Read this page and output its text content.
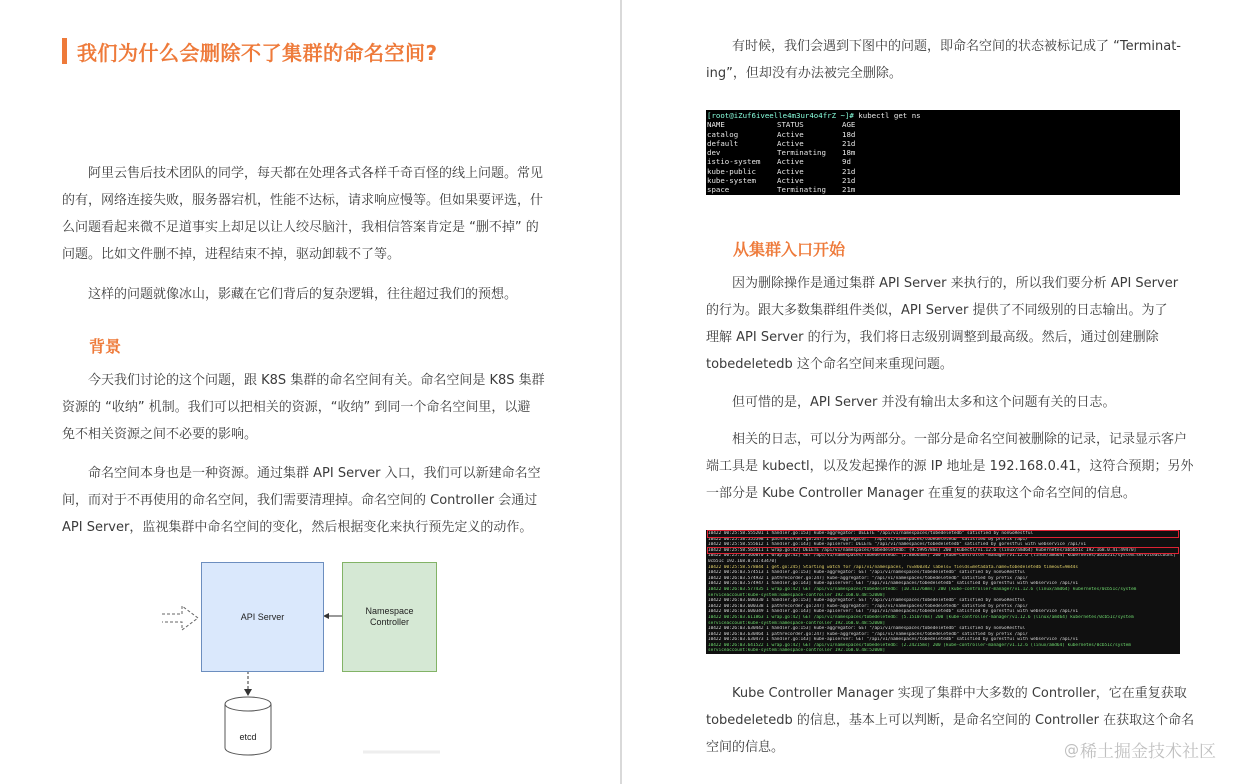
我们为什么会删除不了集群的命名空间?
阿里云售后技术团队的同学，每天都在处理各式各样千奇百怪的线上问题。常见
的有，网络连接失败，服务器宕机，性能不达标，请求响应慢等。但如果要评选，什
么问题看起来微不足道事实上却足以让人绞尽脑汁，我相信答案肯定是 “删不掉” 的
问题。比如文件删不掉，进程结束不掉，驱动卸载不了等。
这样的问题就像冰山，影藏在它们背后的复杂逻辑，往往超过我们的预想。
背景
今天我们讨论的这个问题，跟 K8S 集群的命名空间有关。命名空间是 K8S 集群
资源的 “收纳” 机制。我们可以把相关的资源，“收纳” 到同一个命名空间里，以避
免不相关资源之间不必要的影响。
命名空间本身也是一种资源。通过集群 API Server 入口，我们可以新建命名空
间，而对于不再使用的命名空间，我们需要清理掉。命名空间的 Controller 会通过
API Server，监视集群中命名空间的变化，然后根据变化来执行预先定义的动作。
API Server
Namespace
Controller
etcd
有时候，我们会遇到下图中的问题，即命名空间的状态被标记成了 “Terminat-
ing”，但却没有办法被完全删除。
[root@iZuf6iveelle4m3ur4o4frZ ~]# kubectl get ns
NAME	STATUS	AGE
catalog	Active	18d
default	Active	21d
dev	Terminating	18m
istio-system	Active	9d
kube-public	Active	21d
kube-system	Active	21d
space	Terminating	21m
从集群入口开始
因为删除操作是通过集群 API Server 来执行的，所以我们要分析 API Server
的行为。跟大多数集群组件类似，API Server 提供了不同级别的日志输出。为了
理解 API Server 的行为，我们将日志级别调整到最高级。然后，通过创建删除
tobedeletedb 这个命名空间来重现问题。
但可惜的是，API Server 并没有输出太多和这个问题有关的日志。
相关的日志，可以分为两部分。一部分是命名空间被删除的记录，记录显示客户
端工具是 kubectl，以及发起操作的源 IP 地址是 192.168.0.41，这符合预期；另外
一部分是 Kube Controller Manager 在重复的获取这个命名空间的信息。
I0422 00:25:58.555201 1 handler.go:153] kube-aggregator: DELETE "/api/v1/namespaces/tobedeletedb" satisfied by nonGoRestful
I0422 00:25:58.555598 1 pathrecorder.go:247] kube-aggregator: "/api/v1/namespaces/tobedeletedb" satisfied by prefix /api/
I0422 00:25:58.555612 1 handler.go:143] kube-apiserver: DELETE "/api/v1/namespaces/tobedeletedb" satisfied by gorestful with webservice /api/v1
I0422 00:25:58.565611 1 wrap.go:42] DELETE /api/v1/namespaces/tobedeletedb: (9.599578ms) 200 [kubectl/v1.12.6 (linux/amd64) kubernetes/ab5b51c 192.168.0.41:49470]
I0422 00:25:58.566070 1 wrap.go:42] GET /api/v1/namespaces/tobedeletedb: (2.88663ms) 200 [kube-controller-manager/v1.12.6 (linux/amd64) kubernetes/ab5b51c/system:serviceaccount]
0cb51c 192.168.0.41:43470]
I0422 00:25:58.578044 1 get.go:245] Starting watch for /api/v1/namespaces, rv=860342 labels= fields=metadata.name=tobedeletedb timeout=9m44s
I0422 00:26:03.574513 1 handler.go:153] kube-aggregator: GET "/api/v1/namespaces/tobedeletedb" satisfied by nonGoRestful
I0422 00:26:03.574932 1 pathrecorder.go:247] kube-aggregator: "/api/v1/namespaces/tobedeletedb" satisfied by prefix /api/
I0422 00:26:03.574947 1 handler.go:143] kube-apiserver: GET "/api/v1/namespaces/tobedeletedb" satisfied by gorestful with webservice /api/v1
I0422 00:26:03.577435 1 wrap.go:42] GET /api/v1/namespaces/tobedeletedb: (10.412768ms) 200 [kube-controller-manager/v1.12.6 (linux/amd64) kubernetes/0cb51c/system
serviceaccount:kube-system:namespace-controller 192.168.0.48:52008]
I0422 00:26:03.600330 1 handler.go:153] kube-aggregator: GET "/api/v1/namespaces/tobedeletedb" satisfied by nonGoRestful
I0422 00:26:03.600338 1 pathrecorder.go:247] kube-aggregator: "/api/v1/namespaces/tobedeletedb" satisfied by prefix /api/
I0422 00:26:03.600349 1 handler.go:143] kube-apiserver: GET "/api/v1/namespaces/tobedeletedb" satisfied by gorestful with webservice /api/v1
I0422 00:26:03.611863 1 wrap.go:42] GET /api/v1/namespaces/tobedeletedb: (5.151077ms) 200 [kube-controller-manager/v1.12.6 (linux/amd64) kubernetes/0cb51c/system
serviceaccount:kube-system:namespace-controller 192.168.0.48:52008]
I0422 00:26:03.630442 1 handler.go:153] kube-aggregator: GET "/api/v1/namespaces/tobedeletedb" satisfied by nonGoRestful
I0422 00:26:03.630464 1 pathrecorder.go:247] kube-aggregator: "/api/v1/namespaces/tobedeletedb" satisfied by prefix /api/
I0422 00:26:03.630473 1 handler.go:143] kube-apiserver: GET "/api/v1/namespaces/tobedeletedb" satisfied by gorestful with webservice /api/v1
I0422 00:26:03.641522 1 wrap.go:42] GET /api/v1/namespaces/tobedeletedb: (2.24215ms) 200 [kube-controller-manager/v1.12.6 (linux/amd64) kubernetes/0cb51c/system
serviceaccount:kube-system:namespace-controller 192.168.0.48:52008]
Kube Controller Manager 实现了集群中大多数的 Controller，它在重复获取
tobedeletedb 的信息，基本上可以判断，是命名空间的 Controller 在获取这个命名
空间的信息。	@ 稀土掘金技术社区
